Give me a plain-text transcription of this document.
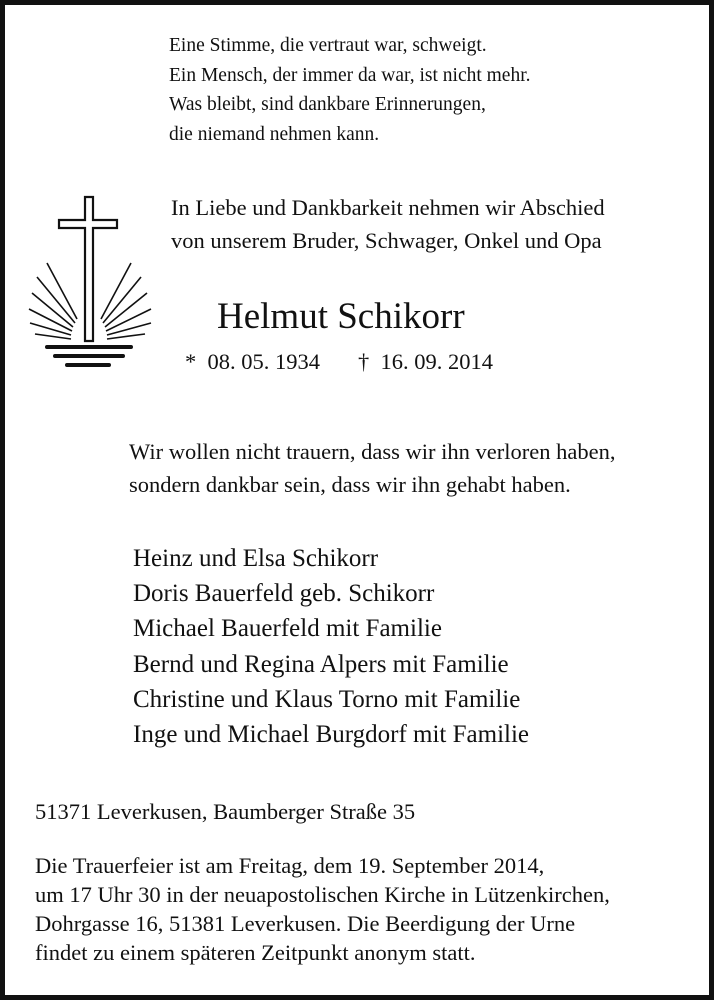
Eine Stimme, die vertraut war, schweigt.
Ein Mensch, der immer da war, ist nicht mehr.
Was bleibt, sind dankbare Erinnerungen,
die niemand nehmen kann.
In Liebe und Dankbarkeit nehmen wir Abschied
von unserem Bruder, Schwager, Onkel und Opa
Helmut Schikorr
* 08. 05. 1934 † 16. 09. 2014
Wir wollen nicht trauern, dass wir ihn verloren haben,
sondern dankbar sein, dass wir ihn gehabt haben.
Heinz und Elsa Schikorr
Doris Bauerfeld geb. Schikorr
Michael Bauerfeld mit Familie
Bernd und Regina Alpers mit Familie
Christine und Klaus Torno mit Familie
Inge und Michael Burgdorf mit Familie
51371 Leverkusen, Baumberger Straße 35
Die Trauerfeier ist am Freitag, dem 19. September 2014,
um 17 Uhr 30 in der neuapostolischen Kirche in Lützenkirchen,
Dohrgasse 16, 51381 Leverkusen. Die Beerdigung der Urne
findet zu einem späteren Zeitpunkt anonym statt.
